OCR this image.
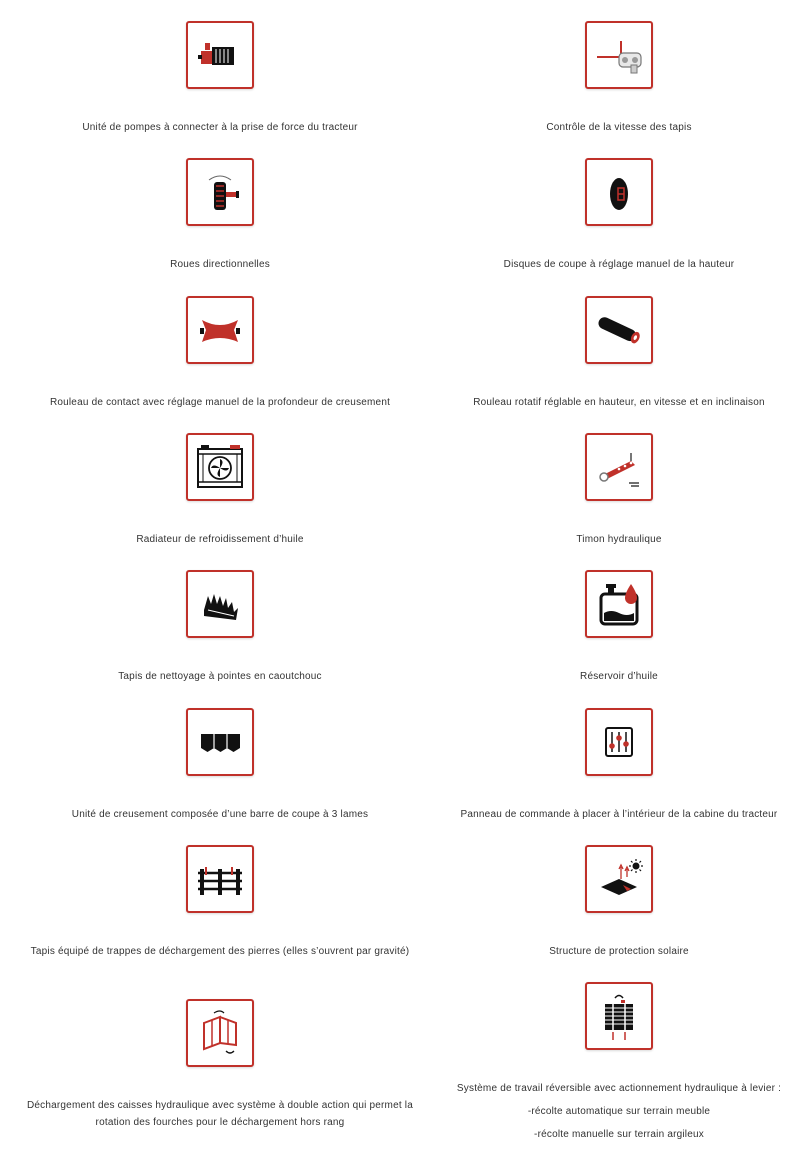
Unité de pompes à connecter à la prise de force du tracteur	Contrôle de la vitesse des tapis

Roues directionnelles	Disques de coupe à réglage manuel de la hauteur

Rouleau de contact avec réglage manuel de la profondeur de creusement	Rouleau rotatif réglable en hauteur, en vitesse et en inclinaison

Radiateur de refroidissement d’huile	Timon hydraulique

Tapis de nettoyage à pointes en caoutchouc	Réservoir d’huile

Unité de creusement composée d’une barre de coupe à 3 lames	Panneau de commande à placer à l’intérieur de la cabine du tracteur

Tapis équipé de trappes de déchargement des pierres (elles s’ouvrent par gravité)	Structure de protection solaire

Déchargement des caisses hydraulique avec système à double action qui permet la rotation des fourches pour le déchargement hors rang

Système de travail réversible avec actionnement hydraulique à levier :

-récolte automatique sur terrain meuble

-récolte manuelle sur terrain argileux
